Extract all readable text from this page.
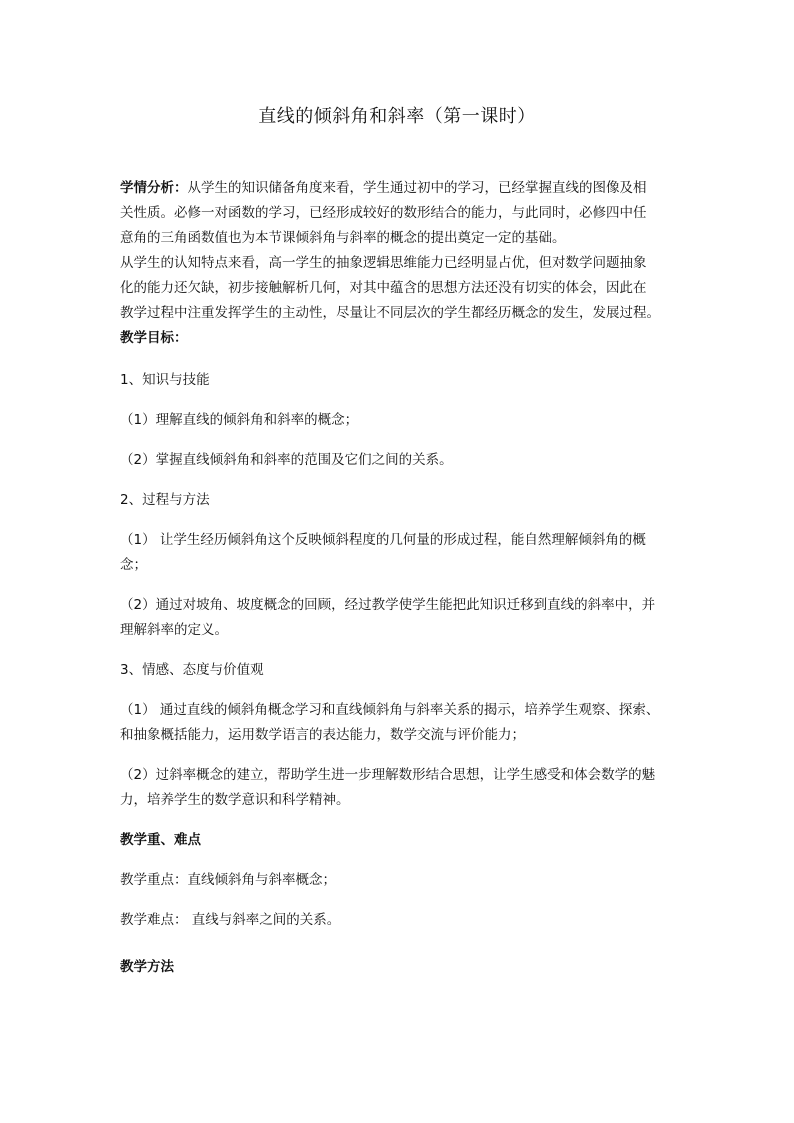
直线的倾斜角和斜率（第一课时）
学情分析：从学生的知识储备角度来看，学生通过初中的学习，已经掌握直线的图像及相
关性质。必修一对函数的学习，已经形成较好的数形结合的能力，与此同时，必修四中任
意角的三角函数值也为本节课倾斜角与斜率的概念的提出奠定一定的基础。
从学生的认知特点来看，高一学生的抽象逻辑思维能力已经明显占优，但对数学问题抽象
化的能力还欠缺，初步接触解析几何，对其中蕴含的思想方法还没有切实的体会，因此在
教学过程中注重发挥学生的主动性，尽量让不同层次的学生都经历概念的发生，发展过程。
教学目标：
1、知识与技能
（1）理解直线的倾斜角和斜率的概念；
（2）掌握直线倾斜角和斜率的范围及它们之间的关系。
2、过程与方法
（1） 让学生经历倾斜角这个反映倾斜程度的几何量的形成过程，能自然理解倾斜角的概
念；
（2）通过对坡角、坡度概念的回顾，经过教学使学生能把此知识迁移到直线的斜率中，并
理解斜率的定义。
3、情感、态度与价值观
（1） 通过直线的倾斜角概念学习和直线倾斜角与斜率关系的揭示，培养学生观察、探索、
和抽象概括能力，运用数学语言的表达能力，数学交流与评价能力；
（2）过斜率概念的建立，帮助学生进一步理解数形结合思想，让学生感受和体会数学的魅
力，培养学生的数学意识和科学精神。
教学重、难点
教学重点：直线倾斜角与斜率概念；
教学难点： 直线与斜率之间的关系。
教学方法
